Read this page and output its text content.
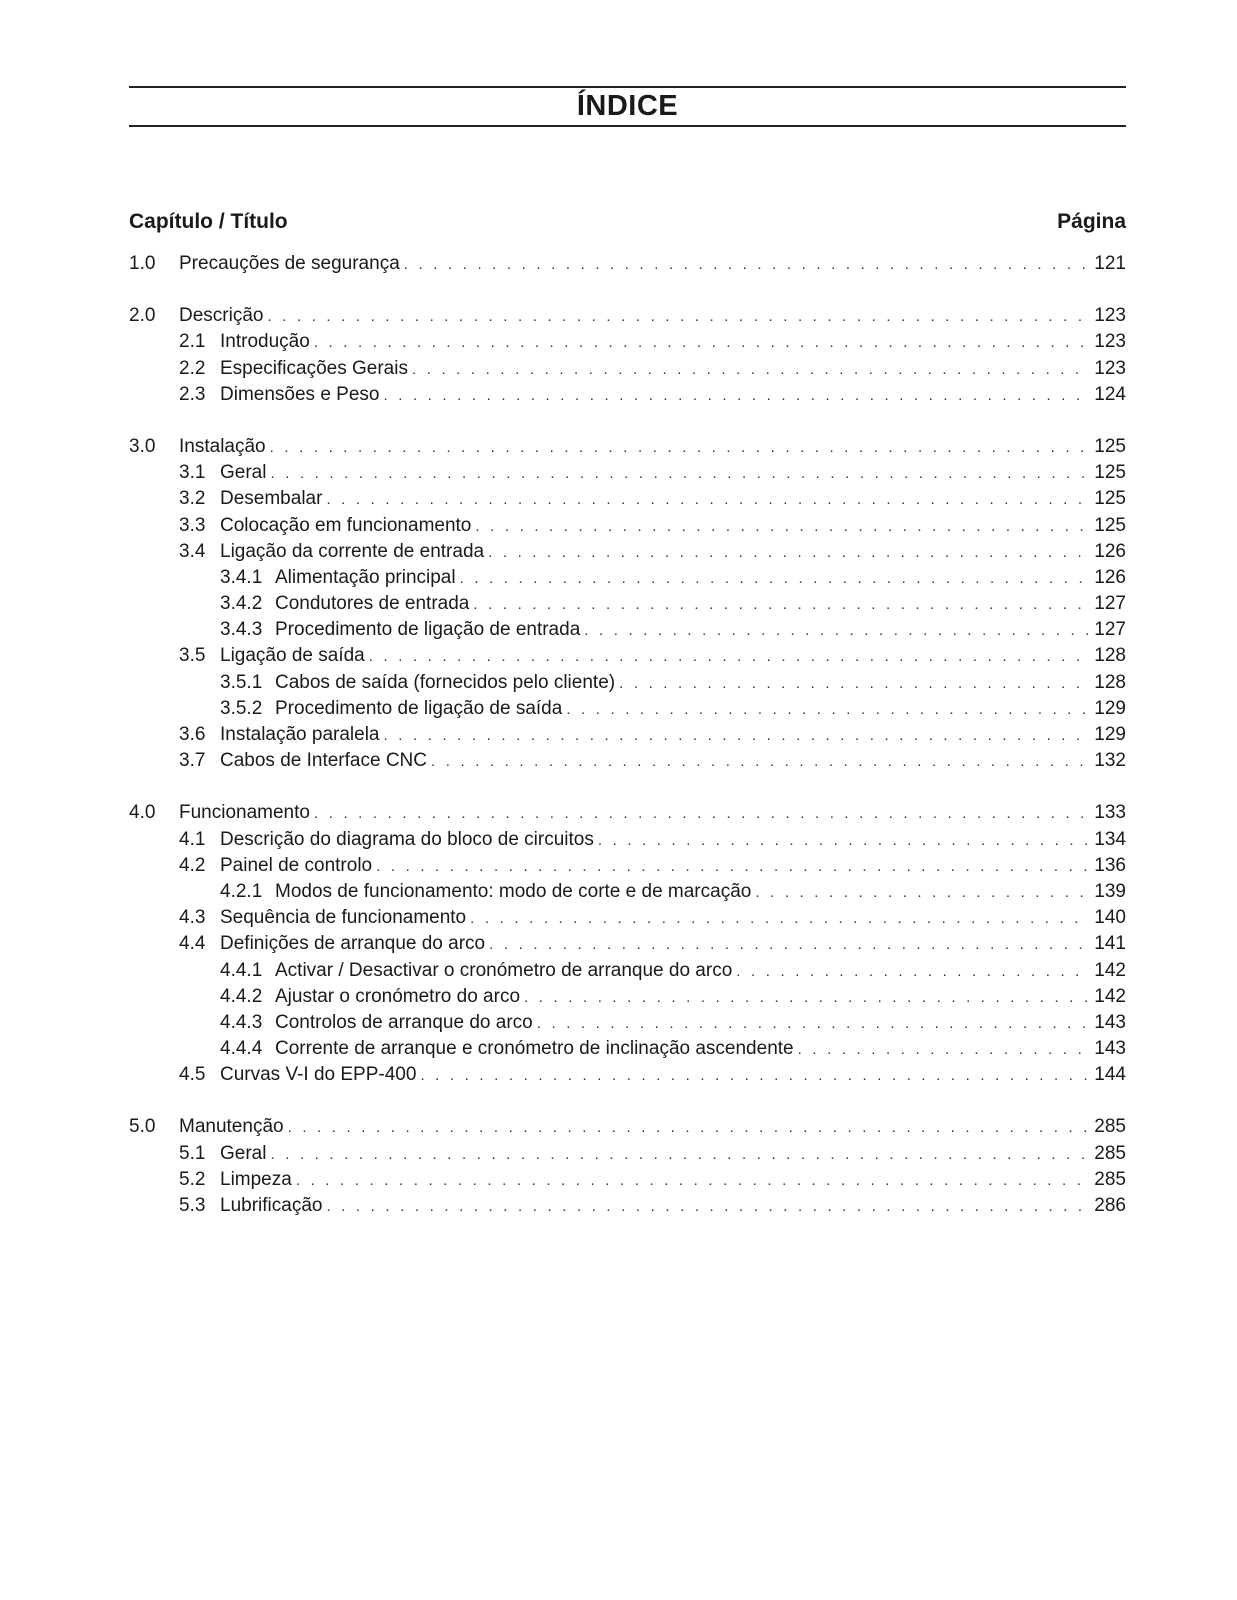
ÍNDICE
Capítulo / Título	Página
1.0	Precauções de segurança . . .	121
2.0	Descrição . . .	123
2.1 Introdução . . .	123
2.2 Especificações Gerais . . .	123
2.3 Dimensões e Peso . . .	124
3.0	Instalação . . .	125
3.1 Geral . . .	125
3.2 Desembalar . . .	125
3.3 Colocação em funcionamento . . .	125
3.4 Ligação da corrente de entrada . . .	126
3.4.1 Alimentação principal . . .	126
3.4.2 Condutores de entrada . . .	127
3.4.3 Procedimento de ligação de entrada . . .	127
3.5 Ligação de saída . . .	128
3.5.1 Cabos de saída (fornecidos pelo cliente) . . .	128
3.5.2 Procedimento de ligação de saída . . .	129
3.6 Instalação paralela . . .	129
3.7 Cabos de Interface CNC . . .	132
4.0	Funcionamento . . .	133
4.1 Descrição do diagrama do bloco de circuitos . . .	134
4.2 Painel de controlo . . .	136
4.2.1 Modos de funcionamento: modo de corte e de marcação . . .	139
4.3 Sequência de funcionamento . . .	140
4.4 Definições de arranque do arco . . .	141
4.4.1 Activar / Desactivar o cronómetro de arranque do arco . . .	142
4.4.2 Ajustar o cronómetro do arco . . .	142
4.4.3 Controlos de arranque do arco . . .	143
4.4.4 Corrente de arranque e cronómetro de inclinação ascendente . . .	143
4.5 Curvas V-I do EPP-400 . . .	144
5.0	Manutenção . . .	285
5.1 Geral . . .	285
5.2 Limpeza . . .	285
5.3 Lubrificação . . .	286
